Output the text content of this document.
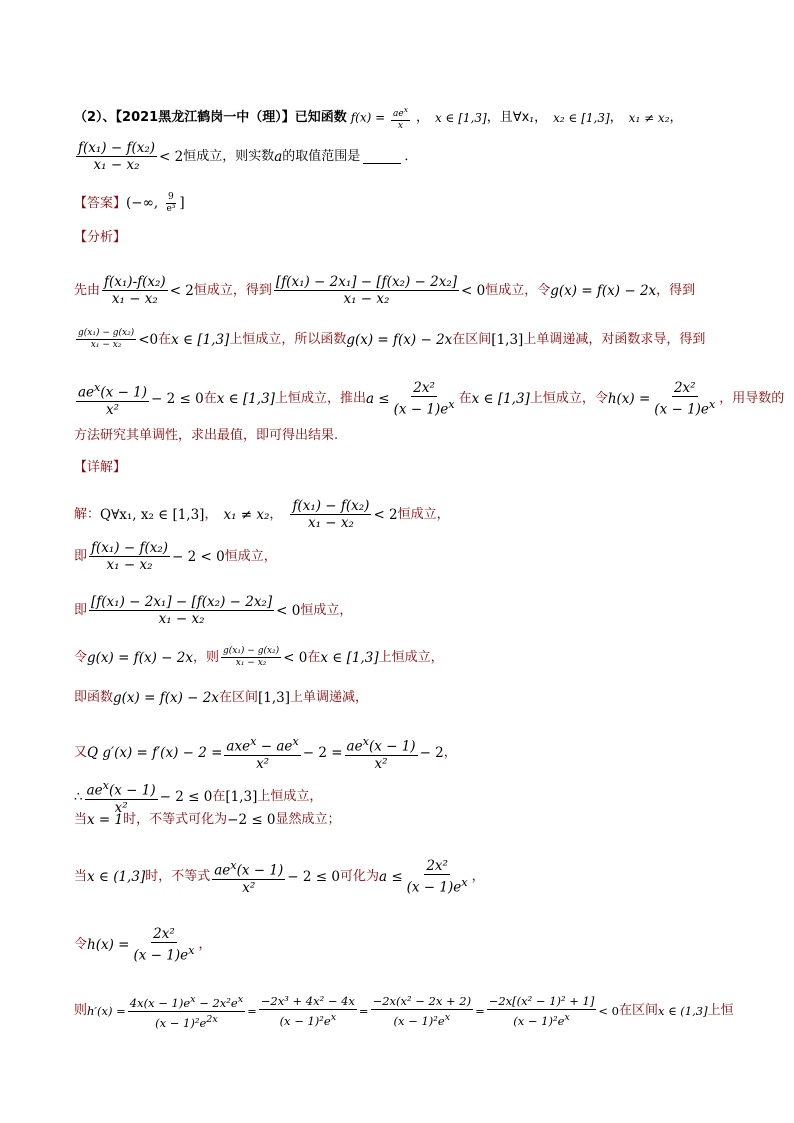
（2）、【2021黑龙江鹤岗一中（理）】已知函数 $f(x) = \frac{ae^x}{x}$ ， x ∈ [1,3] ，且∀x ₁ ， x₂ ∈ [1,3] ， x₁ ≠ x₂ ，
$\frac{\text{f(x₁) − f(x₂)}}{\text{x₁ − x₂}} < 2$ 恒成立，则实数 a 的取值范围是	．
【答案】 (−∞, $\frac{9}{\text{e³}}$ ]
【分析】
先由 $\frac{\text{f(x₁)-f(x₂)}}{\text{x₁ − x₂}} < 2$ 恒成立，得到 $\frac{\text{[f(x₁) − 2x₁] − [f(x₂) − 2x₂]}}{\text{x₁ − x₂}} < 0$ 恒成立，令 g(x) = f(x) − 2x ，得到
$\frac{\text{g(x₁) − g(x₂)}}{\text{x₁ − x₂}} <0$ 在 x ∈ [1,3] 上恒成立，所以函数 g(x) = f(x) − 2x 在区间 [1,3] 上单调递减，对函数求导，得到
$\frac{ae^x(x - 1)}{\text{x²}} - 2 \le 0$ 在 x ∈ [1,3] 上恒成立，推出 $a \le \frac{\text{2x²}}{(x - 1)e^x}$ 在 x ∈ [1,3] 上恒成立，令 $h(x) = \frac{\text{2x²}}{(x - 1)e^x}$ ，用导数的
方法研究其单调性，求出最值，即可得出结果.
【详解】
解： Q∀x₁, x₂ ∈ [1,3] ， x₁ ≠ x₂ ， $\frac{\text{f(x₁) − f(x₂)}}{\text{x₁ − x₂}} < 2$ 恒成立，
即 $\frac{\text{f(x₁) − f(x₂)}}{\text{x₁ − x₂}} - 2 < 0$ 恒成立，
即 $\frac{\text{[f(x₁) − 2x₁] − [f(x₂) − 2x₂]}}{\text{x₁ − x₂}} < 0$ 恒成立，
令 g(x) = f(x) − 2x ，则 $\frac{\text{g(x₁) − g(x₂)}}{\text{x₁ − x₂}} < 0$ 在 x ∈ [1,3] 上恒成立，
即函数 g(x) = f(x) − 2x 在区间 [1,3] 上单调递减，
又 Q $g'(x) = f'(x) - 2 = \frac{axe^x - ae^x}{\text{x²}} - 2 = \frac{ae^x(x - 1)}{\text{x²}} - 2$ ，
∴ $\frac{ae^x(x - 1)}{\text{x²}} - 2 \le 0$ 在 [1,3] 上恒成立，
当 x = 1 时，不等式可化为 −2 ≤ 0 显然成立；
当 x ∈ (1,3] 时，不等式 $\frac{ae^x(x - 1)}{\text{x²}} - 2 \le 0$ 可化为 $a \le \frac{\text{2x²}}{(x - 1)e^x}$ ，
令 $h(x) = \frac{\text{2x²}}{(x - 1)e^x}$ ，
则 $h'(x) = \frac{4x(x - 1)e^x - 2x^2e^x}{(x - 1)^2e^{2x}} = \frac{\text{−2x³ + 4x² − 4x}}{(x - 1)^2e^x} = \frac{\text{−2x(x² − 2x + 2)}}{(x - 1)^2e^x} = \frac{\text{−2x[(x² − 1)² + 1]}}{(x - 1)^2e^x} < 0$ 在区间 x ∈ (1,3] 上恒
